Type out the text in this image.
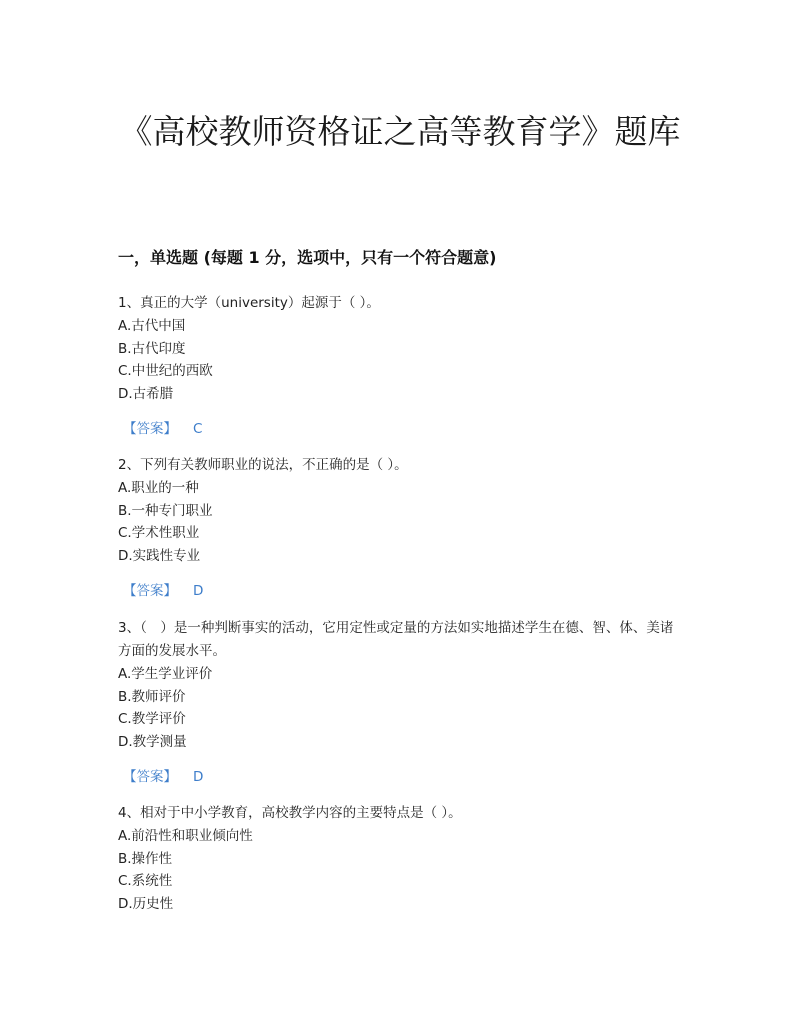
《高校教师资格证之高等教育学》题库
一，单选题 (每题 1 分，选项中，只有一个符合题意)

1、真正的大学（university）起源于（ ）。

A.古代中国

B.古代印度

C.中世纪的西欧

D.古希腊

【答案】 C

2、下列有关教师职业的说法，不正确的是（ ）。

A.职业的一种

B.一种专门职业

C.学术性职业

D.实践性专业

【答案】 D

3、（　）是一种判断事实的活动，它用定性或定量的方法如实地描述学生在德、智、体、美诸方面的发展水平。

A.学生学业评价

B.教师评价

C.教学评价

D.教学测量

【答案】 D

4、相对于中小学教育，高校教学内容的主要特点是（ ）。

A.前沿性和职业倾向性

B.操作性

C.系统性

D.历史性
